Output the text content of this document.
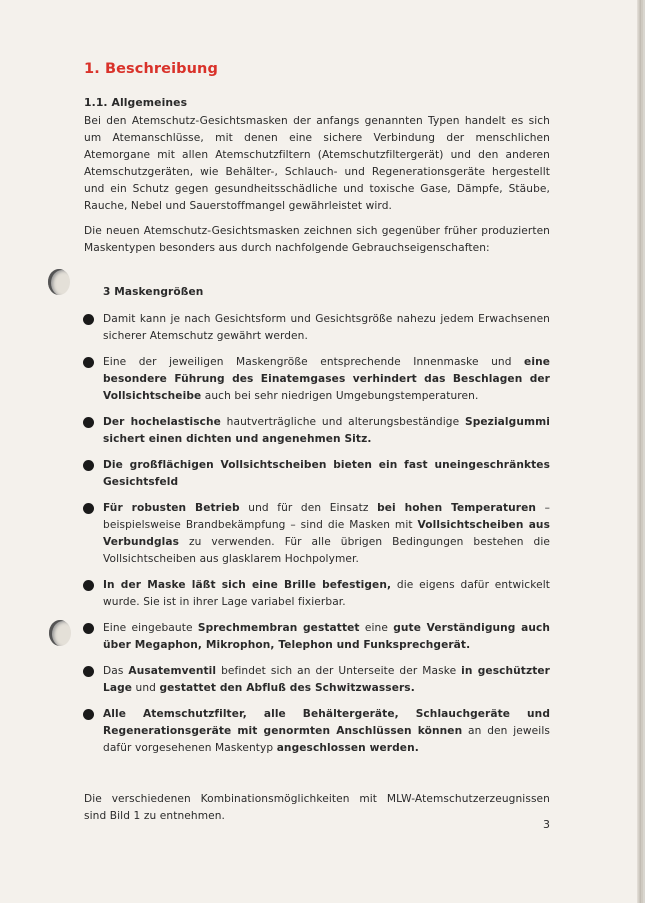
1. Beschreibung
1.1. Allgemeines

Bei den Atemschutz-Gesichtsmasken der anfangs genannten Typen handelt es sich um Atemanschlüsse, mit denen eine sichere Verbindung der menschlichen Atemorgane mit allen Atemschutzfiltern (Atemschutzfiltergerät) und den anderen Atemschutzgeräten, wie Behälter-, Schlauch- und Regenerationsgeräte hergestellt und ein Schutz gegen gesundheitsschädliche und toxische Gase, Dämpfe, Stäube, Rauche, Nebel und Sauerstoffmangel gewährleistet wird.

Die neuen Atemschutz-Gesichtsmasken zeichnen sich gegenüber früher produzierten Maskentypen besonders aus durch nachfolgende Gebrauchseigenschaften:

3 Maskengrößen
Damit kann je nach Gesichtsform und Gesichtsgröße nahezu jedem Erwachsenen sicherer Atemschutz gewährt werden.
Eine der jeweiligen Maskengröße entsprechende Innenmaske und eine besondere Führung des Einatemgases verhindert das Beschlagen der Vollsichtscheibe auch bei sehr niedrigen Umgebungstemperaturen.
Der hochelastische hautverträgliche und alterungsbeständige Spezialgummi sichert einen dichten und angenehmen Sitz.
Die großflächigen Vollsichtscheiben bieten ein fast uneingeschränktes Gesichtsfeld
Für robusten Betrieb und für den Einsatz bei hohen Temperaturen – beispielsweise Brandbekämpfung – sind die Masken mit Vollsichtscheiben aus Verbundglas zu verwenden. Für alle übrigen Bedingungen bestehen die Vollsichtscheiben aus glasklarem Hochpolymer.
In der Maske läßt sich eine Brille befestigen, die eigens dafür entwickelt wurde. Sie ist in ihrer Lage variabel fixierbar.
Eine eingebaute Sprechmembran gestattet eine gute Verständigung auch über Megaphon, Mikrophon, Telephon und Funksprechgerät.
Das Ausatemventil befindet sich an der Unterseite der Maske in geschützter Lage und gestattet den Abfluß des Schwitzwassers.
Alle Atemschutzfilter, alle Behältergeräte, Schlauchgeräte und Regenerationsgeräte mit genormten Anschlüssen können an den jeweils dafür vorgesehenen Maskentyp angeschlossen werden.

Die verschiedenen Kombinationsmöglichkeiten mit MLW-Atemschutzerzeugnissen sind Bild 1 zu entnehmen.

3
